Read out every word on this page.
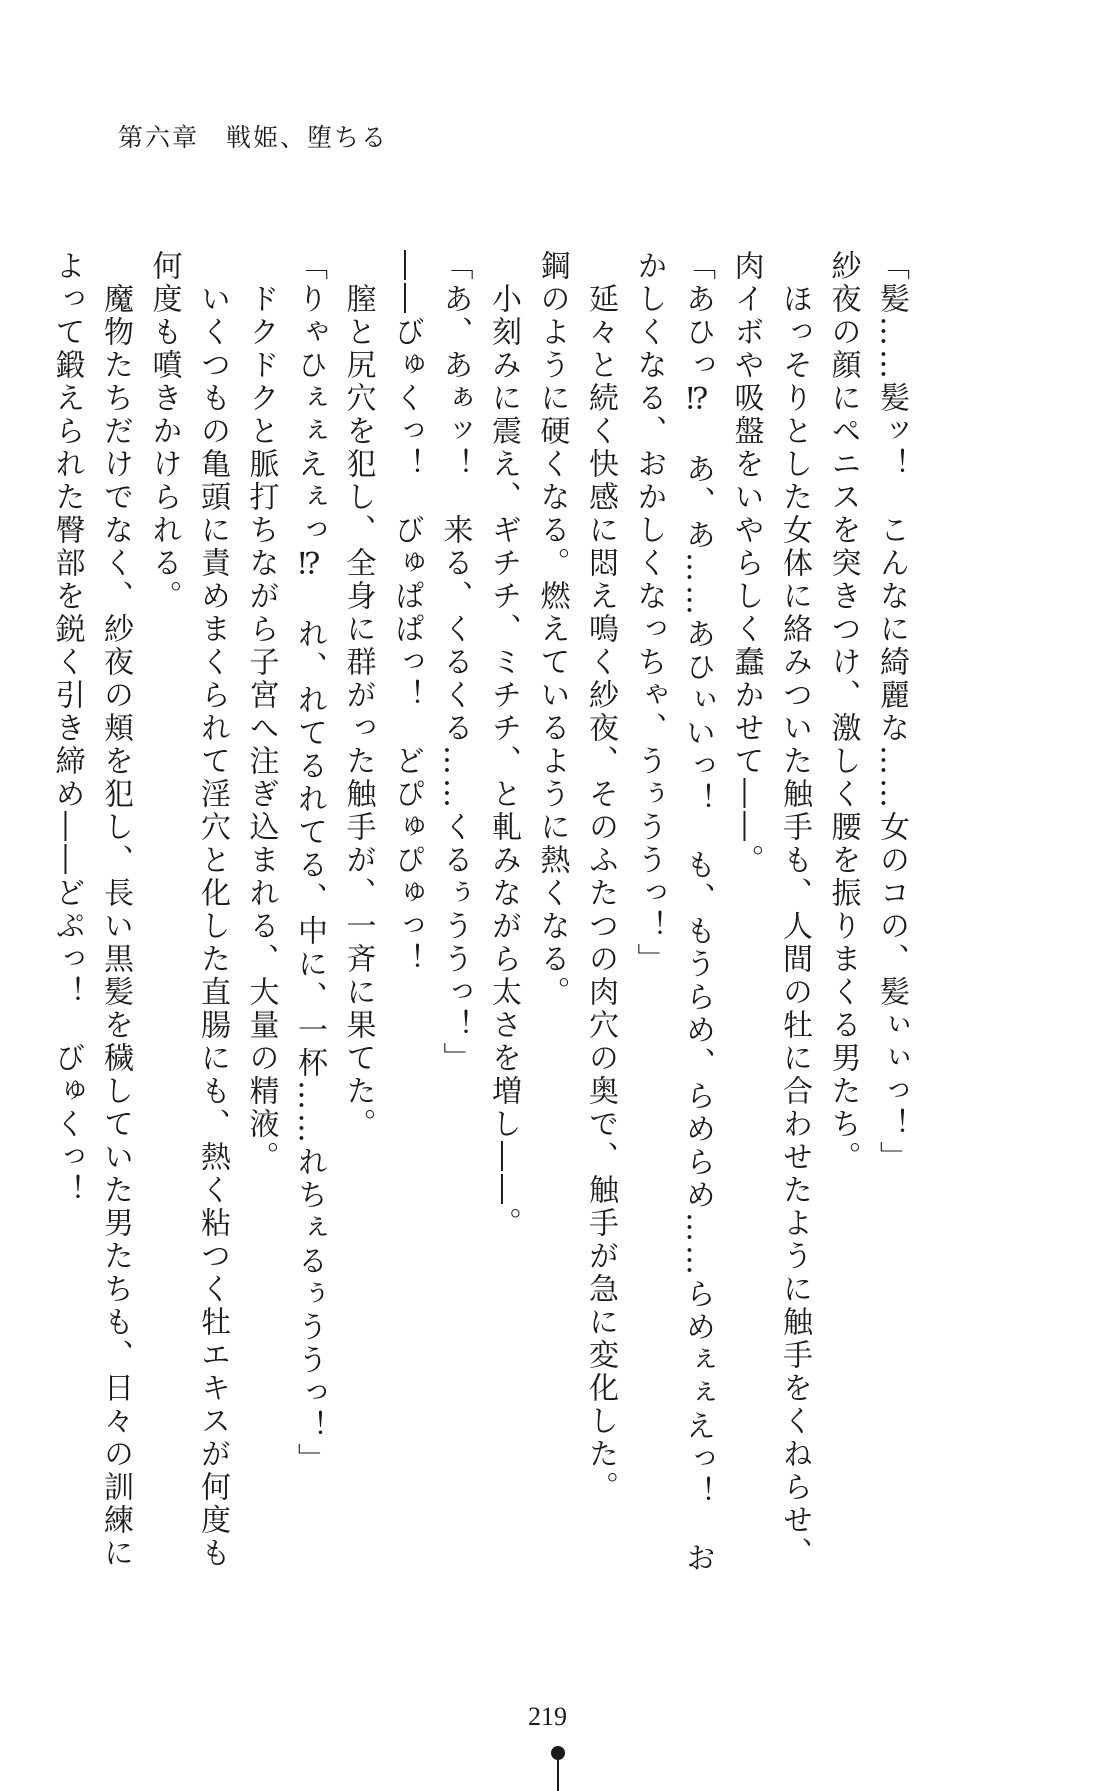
第六章　戦姫、堕ちる

「髪……髪ッ！　こんなに綺麗な……女のコの、髪ぃぃっ！」

紗夜の顔にペニスを突きつけ、激しく腰を振りまくる男たち。

　ほっそりとした女体に絡みついた触手も、人間の牡に合わせたように触手をくねらせ、

肉イボや吸盤をいやらしく蠢かせて――。

「あひっ⁉　あ、あ……あひぃいっ！　も、もうらめ、らめらめ……らめぇぇえっ！　お

かしくなる、おかしくなっちゃ、うぅううっ！」

　延々と続く快感に悶え鳴く紗夜、そのふたつの肉穴の奥で、触手が急に変化した。

鋼のように硬くなる。燃えているように熱くなる。

　小刻みに震え、ギチチ、ミチチ、と軋みながら太さを増し――。

「あ、あぁッ！　来る、くるくる……くるぅううっ！」

――びゅくっ！　びゅぱぱっ！　どぴゅぴゅっ！

　膣と尻穴を犯し、全身に群がった触手が、一斉に果てた。

「りゃひぇぇえぇっ⁉　れ、れてるれてる、中に、一杯……れちぇるぅううっ！」

　ドクドクと脈打ちながら子宮へ注ぎ込まれる、大量の精液。

　いくつもの亀頭に責めまくられて淫穴と化した直腸にも、熱く粘つく牡エキスが何度も

何度も噴きかけられる。

　魔物たちだけでなく、紗夜の頬を犯し、長い黒髪を穢していた男たちも、日々の訓練に

よって鍛えられた臀部を鋭く引き締め――どぷっ！　びゅくっ！

219
